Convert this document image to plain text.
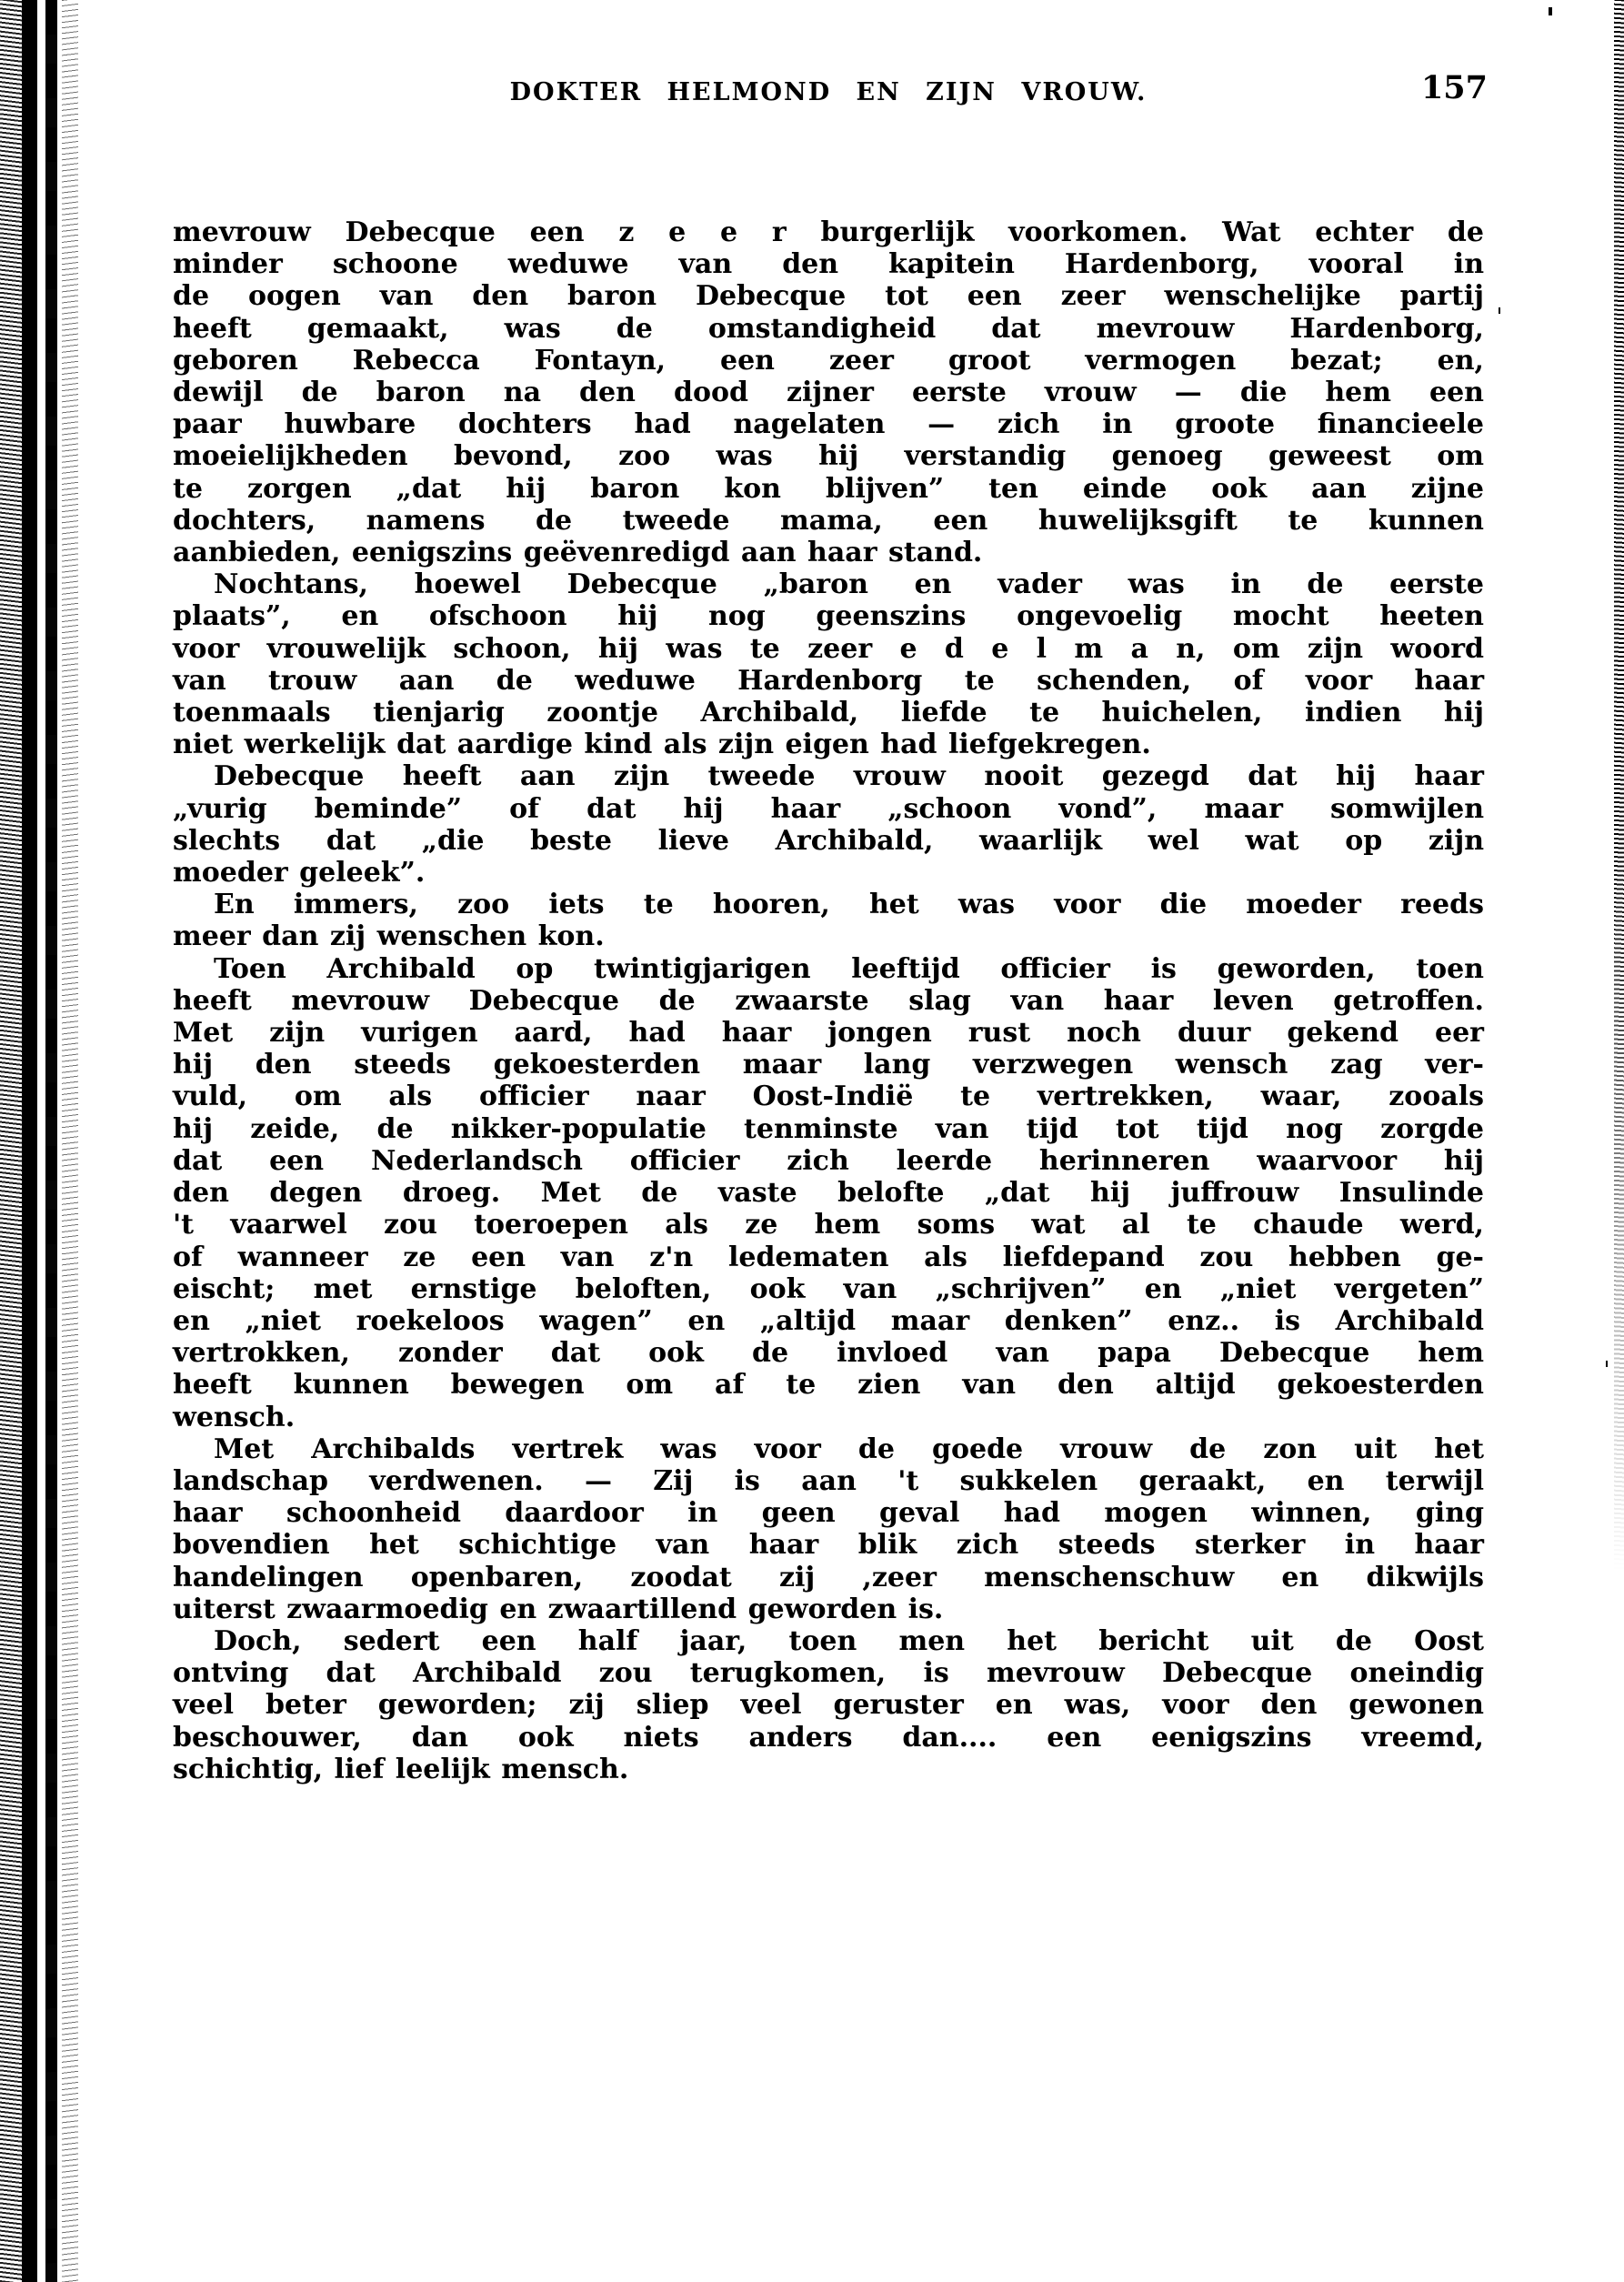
DOKTER HELMOND EN ZIJN VROUW.	157
mevrouw Debecque een z e e r burgerlijk voorkomen. Wat echter de
minder schoone weduwe van den kapitein Hardenborg, vooral in
de oogen van den baron Debecque tot een zeer wenschelijke partij
heeft gemaakt, was de omstandigheid dat mevrouw Hardenborg,
geboren Rebecca Fontayn, een zeer groot vermogen bezat; en,
dewijl de baron na den dood zijner eerste vrouw — die hem een
paar huwbare dochters had nagelaten — zich in groote financieele
moeielijkheden bevond, zoo was hij verstandig genoeg geweest om
te zorgen „dat hij baron kon blijven” ten einde ook aan zijne
dochters, namens de tweede mama, een huwelijksgift te kunnen
aanbieden, eenigszins geëvenredigd aan haar stand.
Nochtans, hoewel Debecque „baron en vader was in de eerste
plaats”, en ofschoon hij nog geenszins ongevoelig mocht heeten
voor vrouwelijk schoon, hij was te zeer e d e l m a n, om zijn woord
van trouw aan de weduwe Hardenborg te schenden, of voor haar
toenmaals tienjarig zoontje Archibald, liefde te huichelen, indien hij
niet werkelijk dat aardige kind als zijn eigen had liefgekregen.
Debecque heeft aan zijn tweede vrouw nooit gezegd dat hij haar
„vurig beminde” of dat hij haar „schoon vond”, maar somwijlen
slechts dat „die beste lieve Archibald, waarlijk wel wat op zijn
moeder geleek”.
En immers, zoo iets te hooren, het was voor die moeder reeds
meer dan zij wenschen kon.
Toen Archibald op twintigjarigen leeftijd officier is geworden, toen
heeft mevrouw Debecque de zwaarste slag van haar leven getroffen.
Met zijn vurigen aard, had haar jongen rust noch duur gekend eer
hij den steeds gekoesterden maar lang verzwegen wensch zag ver-
vuld, om als officier naar Oost-Indië te vertrekken, waar, zooals
hij zeide, de nikker-populatie tenminste van tijd tot tijd nog zorgde
dat een Nederlandsch officier zich leerde herinneren waarvoor hij
den degen droeg. Met de vaste belofte „dat hij juffrouw Insulinde
't vaarwel zou toeroepen als ze hem soms wat al te chaude werd,
of wanneer ze een van z'n ledematen als liefdepand zou hebben ge-
eischt; met ernstige beloften, ook van „schrijven” en „niet vergeten”
en „niet roekeloos wagen” en „altijd maar denken” enz.. is Archibald
vertrokken, zonder dat ook de invloed van papa Debecque hem
heeft kunnen bewegen om af te zien van den altijd gekoesterden
wensch.
Met Archibalds vertrek was voor de goede vrouw de zon uit het
landschap verdwenen. — Zij is aan 't sukkelen geraakt, en terwijl
haar schoonheid daardoor in geen geval had mogen winnen, ging
bovendien het schichtige van haar blik zich steeds sterker in haar
handelingen openbaren, zoodat zij ,zeer menschenschuw en dikwijls
uiterst zwaarmoedig en zwaartillend geworden is.
Doch, sedert een half jaar, toen men het bericht uit de Oost
ontving dat Archibald zou terugkomen, is mevrouw Debecque oneindig
veel beter geworden; zij sliep veel geruster en was, voor den gewonen
beschouwer, dan ook niets anders dan.... een eenigszins vreemd,
schichtig, lief leelijk mensch.
